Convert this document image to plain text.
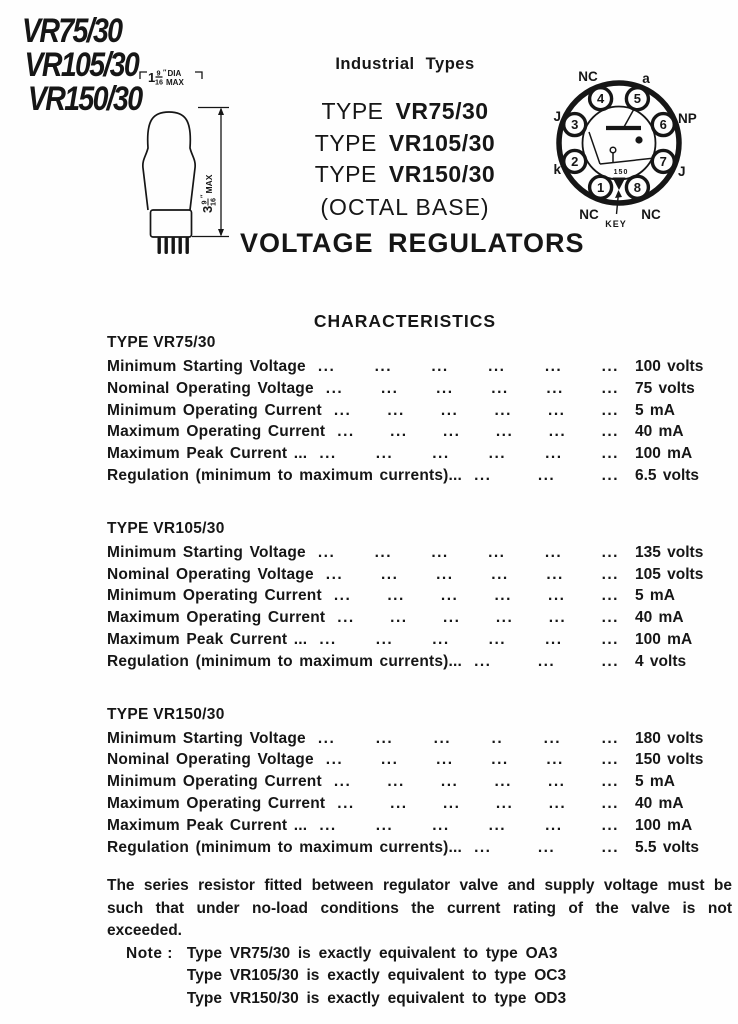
VR75/30
VR105/30
VR150/30
1 9
16
″ DIA
MAX
3
9 16
″
MAX
Industrial Types
TYPE VR75/30
TYPE VR105/30
TYPE VR150/30
(OCTAL BASE)
VOLTAGE REGULATORS
150
KEY
1
2
3
4 5
6
7
8
NC
k
J
NC	a
NP
J
NC
CHARACTERISTICS
TYPE VR75/30
Minimum Starting Voltage ... ... ... ... ... ... 100 volts
Nominal Operating Voltage ... ... ... ... ... ... 75 volts
Minimum Operating Current ... ... ... ... ... ... 5 mA
Maximum Operating Current ... ... ... ... ... ... 40 mA
Maximum Peak Current ... ... ... ... ... ... ... 100 mA
Regulation (minimum to maximum currents)... ... ... ... 6.5 volts
TYPE VR105/30
Minimum Starting Voltage ... ... ... ... ... ... 135 volts
Nominal Operating Voltage ... ... ... ... ... ... 105 volts
Minimum Operating Current ... ... ... ... ... ... 5 mA
Maximum Operating Current ... ... ... ... ... ... 40 mA
Maximum Peak Current ... ... ... ... ... ... ... 100 mA
Regulation (minimum to maximum currents)... ... ... ... 4 volts
TYPE VR150/30
Minimum Starting Voltage ... ... ... .. ... ... 180 volts
Nominal Operating Voltage ... ... ... ... ... ... 150 volts
Minimum Operating Current ... ... ... ... ... ... 5 mA
Maximum Operating Current ... ... ... ... ... ... 40 mA
Maximum Peak Current ... ... ... ... ... ... ... 100 mA
Regulation (minimum to maximum currents)... ... ... ... 5.5 volts
The series resistor fitted between regulator valve and supply voltage must be such that under no-load conditions the current rating of the valve is not exceeded.
Note : Type VR75/30 is exactly equivalent to type OA3
Type VR105/30 is exactly equivalent to type OC3
Type VR150/30 is exactly equivalent to type OD3
